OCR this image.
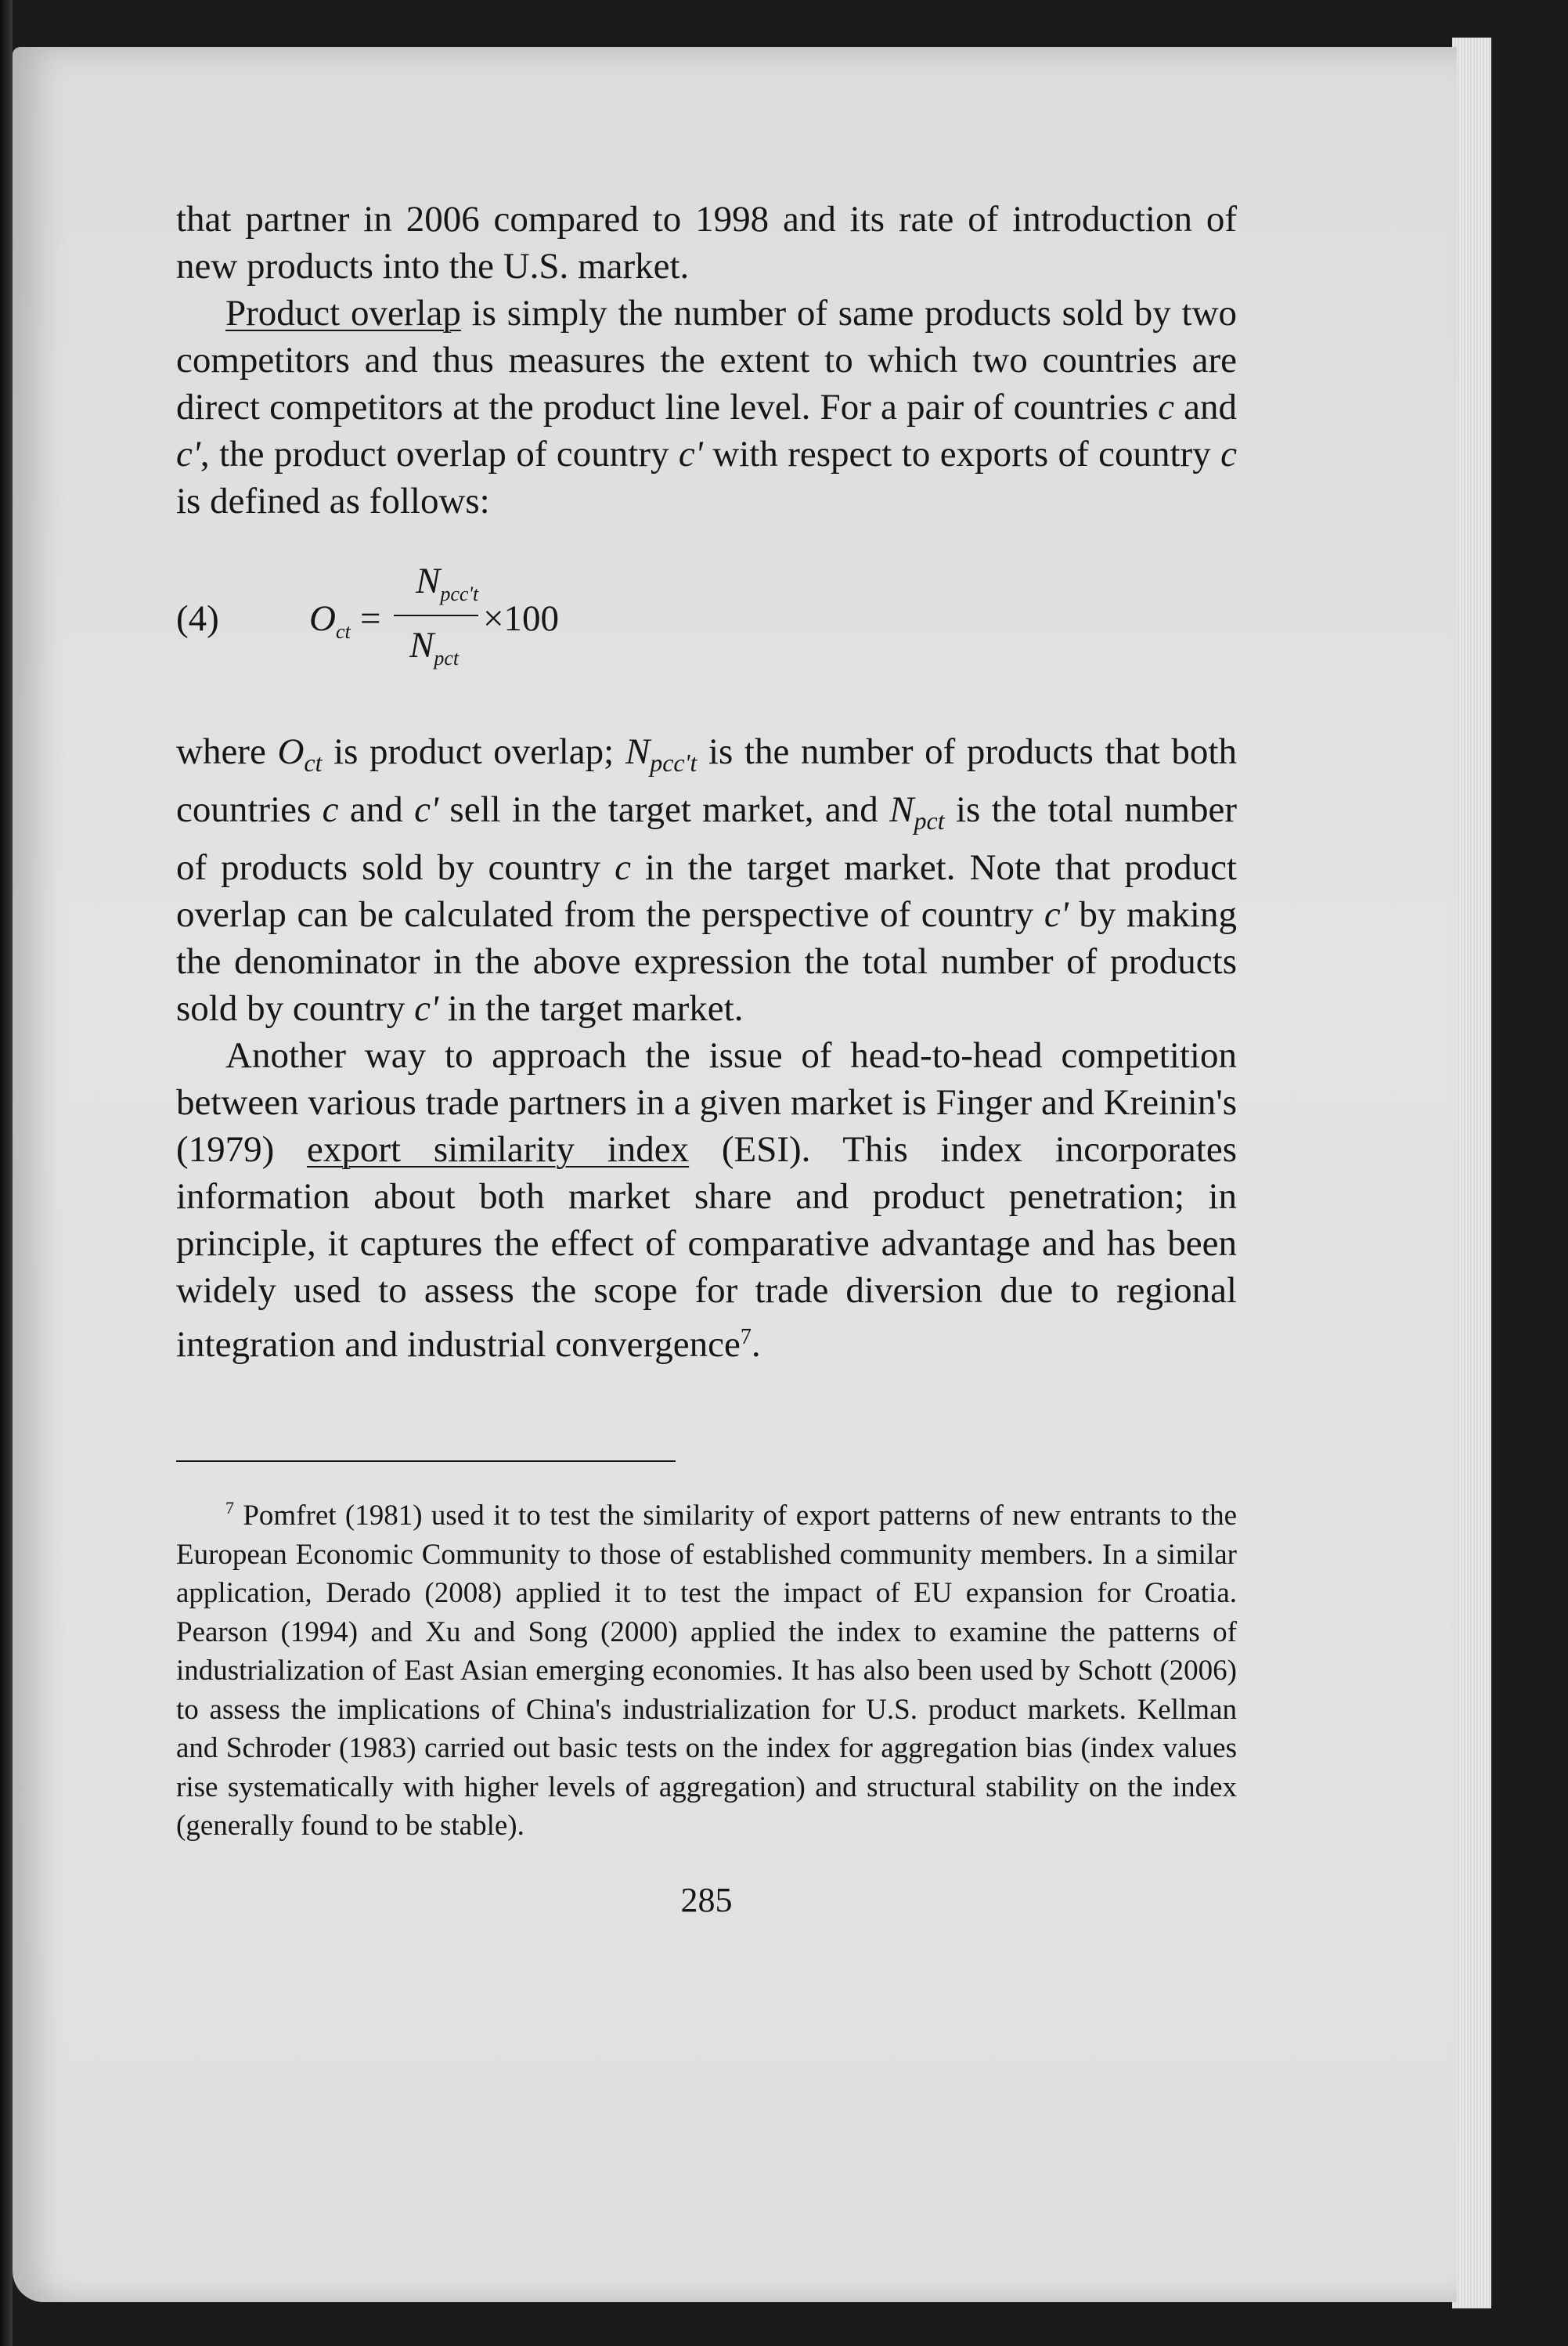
that partner in 2006 compared to 1998 and its rate of introduction of new products into the U.S. market.

Product overlap is simply the number of same products sold by two competitors and thus measures the extent to which two countries are direct competitors at the product line level. For a pair of countries c and c', the product overlap of country c' with respect to exports of country c is defined as follows:

(4) $O_{ct}$ =
$N_{pcc't}$
$N_{pct}$
×100

where $O_{ct}$ is product overlap; $N_{pcc't}$ is the number of products that both countries c and c' sell in the target market, and $N_{pct}$ is the total number of products sold by country c in the target market. Note that product overlap can be calculated from the perspective of country c' by making the denominator in the above expression the total number of products sold by country c' in the target market.

Another way to approach the issue of head-to-head competition between various trade partners in a given market is Finger and Kreinin's (1979) export similarity index (ESI). This index incorporates information about both market share and product penetration; in principle, it captures the effect of comparative advantage and has been widely used to assess the scope for trade diversion due to regional integration and industrial convergence$^7$.

$^7$ Pomfret (1981) used it to test the similarity of export patterns of new entrants to the European Economic Community to those of established community members. In a similar application, Derado (2008) applied it to test the impact of EU expansion for Croatia. Pearson (1994) and Xu and Song (2000) applied the index to examine the patterns of industrialization of East Asian emerging economies. It has also been used by Schott (2006) to assess the implications of China's industrialization for U.S. product markets. Kellman and Schroder (1983) carried out basic tests on the index for aggregation bias (index values rise systematically with higher levels of aggregation) and structural stability on the index (generally found to be stable).

285
